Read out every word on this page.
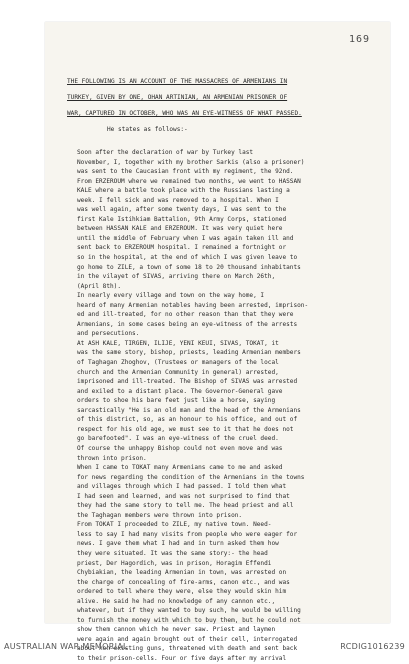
169
THE FOLLOWING IS AN ACCOUNT OF THE MASSACRES OF ARMENIANS IN
TURKEY, GIVEN BY ONE, OHAN ARTINIAN, AN ARMENIAN PRISONER OF
WAR, CAPTURED IN OCTOBER, WHO WAS AN EYE-WITNESS OF WHAT PASSED.
He states as follows:-
Soon after the declaration of war by Turkey last
November, I, together with my brother Sarkis (also a prisoner)
was sent to the Caucasian front with my regiment, the 92nd.
From ERZEROUM where we remained two months, we went to HASSAN
KALE where a battle took place with the Russians lasting a
week. I fell sick and was removed to a hospital. When I
was well again, after some twenty days, I was sent to the
first Kale Istihkiam Battalion, 9th Army Corps, stationed
between HASSAN KALE and ERZEROUM. It was very quiet here
until the middle of February when I was again taken ill and
sent back to ERZEROUM hospital. I remained a fortnight or
so in the hospital, at the end of which I was given leave to
go home to ZILE, a town of some 18 to 20 thousand inhabitants
in the vilayet of SIVAS, arriving there on March 26th,
(April 8th).
In nearly every village and town on the way home, I
heard of many Armenian notables having been arrested, imprison-
ed and ill-treated, for no other reason than that they were
Armenians, in some cases being an eye-witness of the arrests
and persecutions.
At ASH KALE, TIRGEN, ILIJE, YENI KEUI, SIVAS, TOKAT, it
was the same story, bishop, priests, leading Armenian members
of Taghagan Zhoghov, (Trustees or managers of the local
church and the Armenian Community in general) arrested,
imprisoned and ill-treated. The Bishop of SIVAS was arrested
and exiled to a distant place. The Governor-General gave
orders to shoe his bare feet just like a horse, saying
sarcastically "He is an old man and the head of the Armenians
of this district, so, as an honour to his office, and out of
respect for his old age, we must see to it that he does not
go barefooted". I was an eye-witness of the cruel deed.
Of course the unhappy Bishop could not even move and was
thrown into prison.
When I came to TOKAT many Armenians came to me and asked
for news regarding the condition of the Armenians in the towns
and villages through which I had passed. I told them what
I had seen and learned, and was not surprised to find that
they had the same story to tell me. The head priest and all
the Taghagan members were thrown into prison.
From TOKAT I proceeded to ZILE, my native town. Need-
less to say I had many visits from people who were eager for
news. I gave them what I had and in turn asked them how
they were situated. It was the same story:- the head
priest, Der Hagordich, was in prison, Horagim Effendi
Chybiakian, the leading Armenian in town, was arrested on
the charge of concealing of fire-arms, canon etc., and was
ordered to tell where they were, else they would skin him
alive. He said he had no knowledge of any cannon etc.,
whatever, but if they wanted to buy such, he would be willing
to furnish the money with which to buy them, but he could not
show them cannon which he never saw. Priest and laymen
were again and again brought out of their cell, interrogated
about non-existing guns, threatened with death and sent back
to their prison-cells. Four or five days after my arrival
AUSTRALIAN WAR MEMORIAL	RCDIG1016239
